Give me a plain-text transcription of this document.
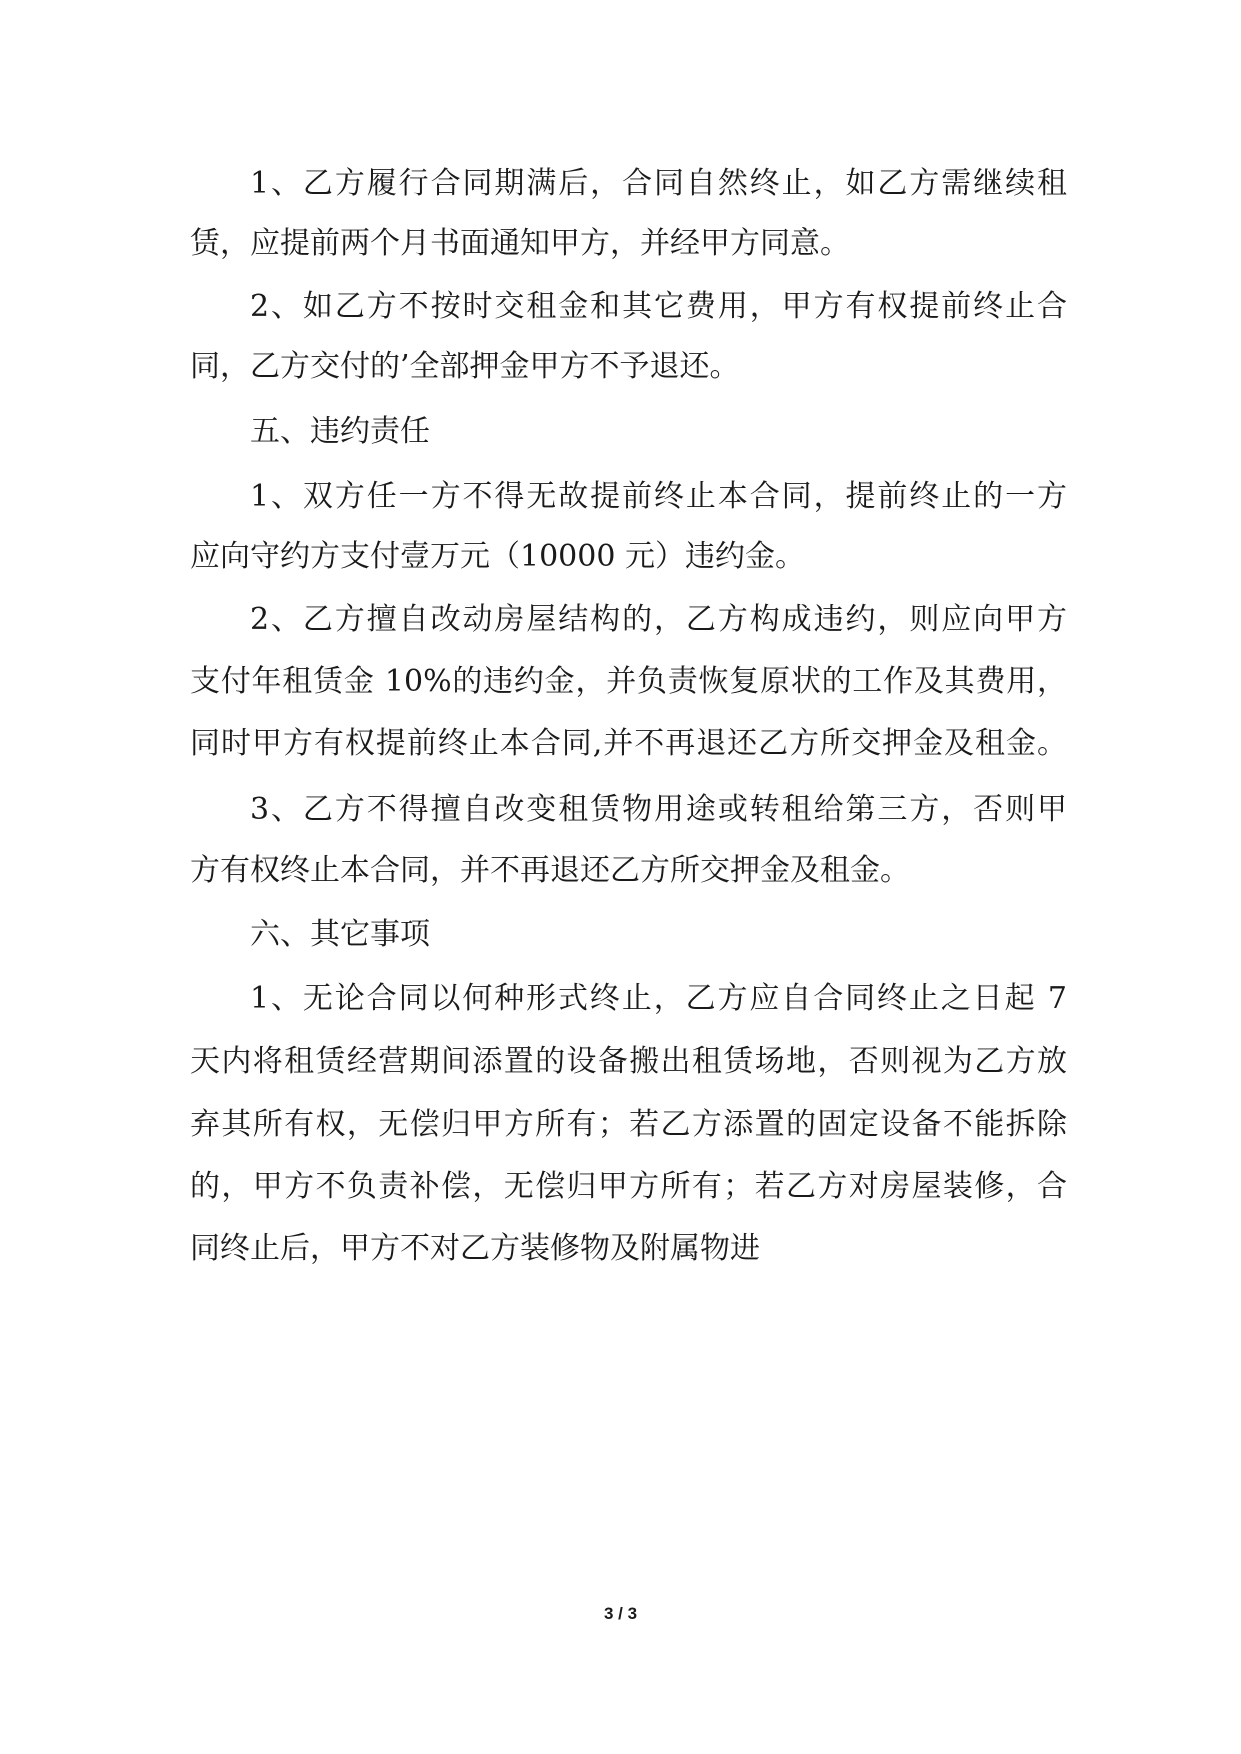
1、乙方履行合同期满后，合同自然终止，如乙方需继续租
赁，应提前两个月书面通知甲方，并经甲方同意。
2、如乙方不按时交租金和其它费用，甲方有权提前终止合
同，乙方交付的’全部押金甲方不予退还。
五、违约责任
1、双方任一方不得无故提前终止本合同，提前终止的一方
应向守约方支付壹万元（10000 元）违约金。
2、乙方擅自改动房屋结构的，乙方构成违约，则应向甲方
支付年租赁金 10%的违约金，并负责恢复原状的工作及其费用，
同时甲方有权提前终止本合同,并不再退还乙方所交押金及租金。
3、乙方不得擅自改变租赁物用途或转租给第三方，否则甲
方有权终止本合同，并不再退还乙方所交押金及租金。
六、其它事项
1、无论合同以何种形式终止，乙方应自合同终止之日起 7
天内将租赁经营期间添置的设备搬出租赁场地，否则视为乙方放
弃其所有权，无偿归甲方所有；若乙方添置的固定设备不能拆除
的，甲方不负责补偿，无偿归甲方所有；若乙方对房屋装修，合
同终止后，甲方不对乙方装修物及附属物进
3 / 3
